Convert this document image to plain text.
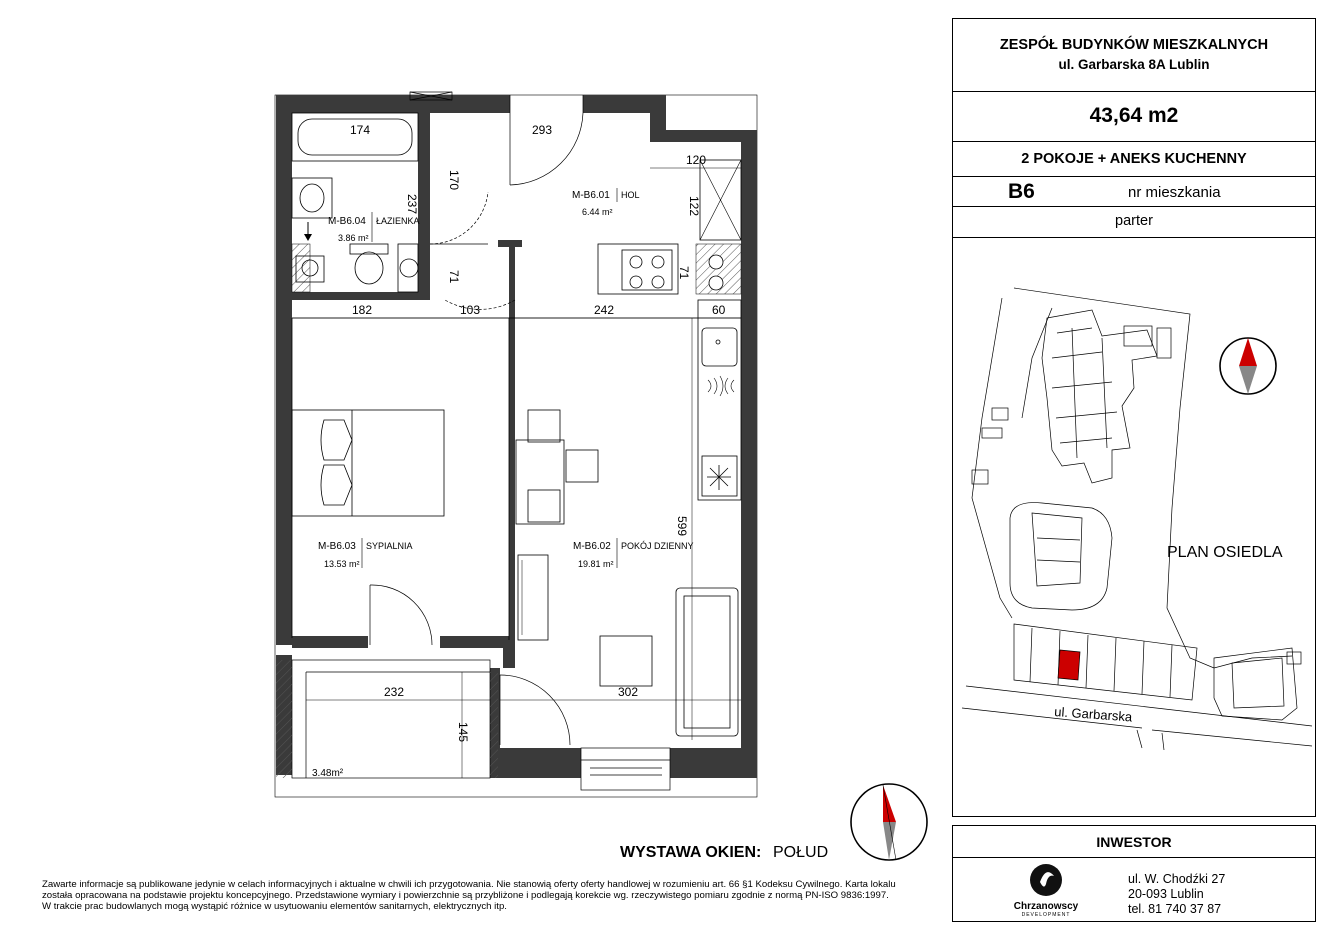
174	293
120
122
170
237
71	71
182	103	242	60
599
232	302
145
M-B6.01 HOL
6.44 m²
M-B6.02 POKÓJ DZIENNY
19.81 m²
M-B6.03 SYPIALNIA
13.53 m²
M-B6.04 ŁAZIENKA
3.86 m²
3.48m²
WYSTAWA OKIEN: POŁUD
ZESPÓŁ BUDYNKÓW MIESZKALNYCH
ul. Garbarska 8A Lublin
43,64 m2
2 POKOJE + ANEKS KUCHENNY
B6	nr mieszkania
parter
PLAN OSIEDLA
ul. Garbarska
INWESTOR
Chrzanowscy
DEVELOPMENT
ul. W. Chodźki 27
20-093 Lublin
tel. 81 740 37 87
Zawarte informacje są publikowane jedynie w celach informacyjnych i aktualne w chwili ich przygotowania. Nie stanowią oferty oferty handlowej w rozumieniu art. 66 §1 Kodeksu Cywilnego. Karta lokalu
została opracowana na podstawie projektu koncepcyjnego. Przedstawione wymiary i powierzchnie są przybliżone i podlegają korekcie wg. rzeczywistego pomiaru zgodnie z normą PN-ISO 9836:1997.
W trakcie prac budowlanych mogą wystąpić różnice w usytuowaniu elementów sanitarnych, elektrycznych itp.
